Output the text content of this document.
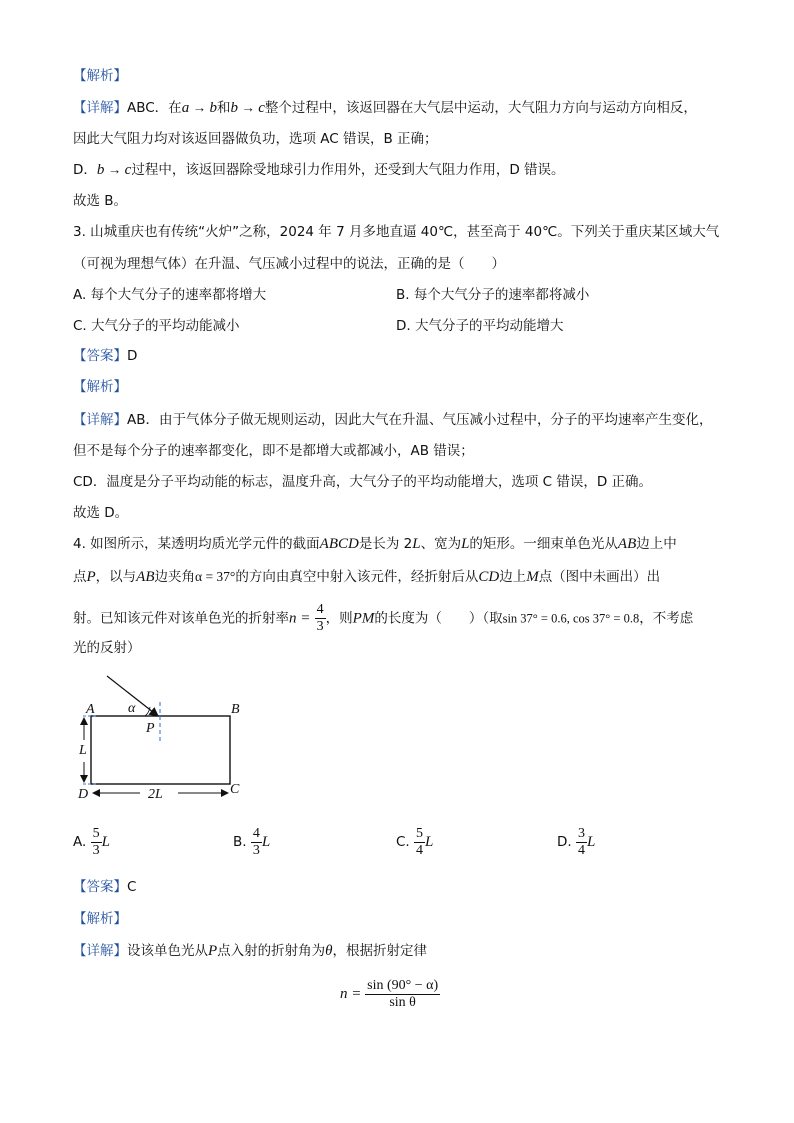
【解析】
【详解】ABC．在a → b和b → c整个过程中，该返回器在大气层中运动，大气阻力方向与运动方向相反，
因此大气阻力均对该返回器做负功，选项 AC 错误，B 正确；
D．b → c过程中，该返回器除受地球引力作用外，还受到大气阻力作用，D 错误。
故选 B。
3. 山城重庆也有传统“火炉”之称，2024 年 7 月多地直逼 40℃，甚至高于 40℃。下列关于重庆某区域大气
（可视为理想气体）在升温、气压减小过程中的说法，正确的是（　　）
A. 每个大气分子的速率都将增大	B. 每个大气分子的速率都将减小
C. 大气分子的平均动能减小	D. 大气分子的平均动能增大
【答案】D
【解析】
【详解】AB．由于气体分子做无规则运动，因此大气在升温、气压减小过程中，分子的平均速率产生变化，
但不是每个分子的速率都变化，即不是都增大或都减小，AB 错误；
CD．温度是分子平均动能的标志，温度升高，大气分子的平均动能增大，选项 C 错误，D 正确。
故选 D。
4. 如图所示，某透明均质光学元件的截面ABCD是长为 2L、宽为L的矩形。一细束单色光从AB边上中
点P，以与AB边夹角α = 37°的方向由真空中射入该元件，经折射后从CD边上M点（图中未画出）出
射。已知该元件对该单色光的折射率$n = \frac{4}{3}$ ，则PM的长度为（　　）（取sin 37° = 0.6, cos 37° = 0.8，不考虑
光的反射）
A	B
C
D
P
α
L
2L
A. $\frac{5}{3}$ L	B. $\frac{4}{3}$ L	C. $\frac{5}{4}$ L	D. $\frac{3}{4}$ L
【答案】C
【解析】
【详解】设该单色光从P点入射的折射角为θ，根据折射定律
$n = \frac{\sin (90^\circ - \alpha)}{\text{sin θ}}$
